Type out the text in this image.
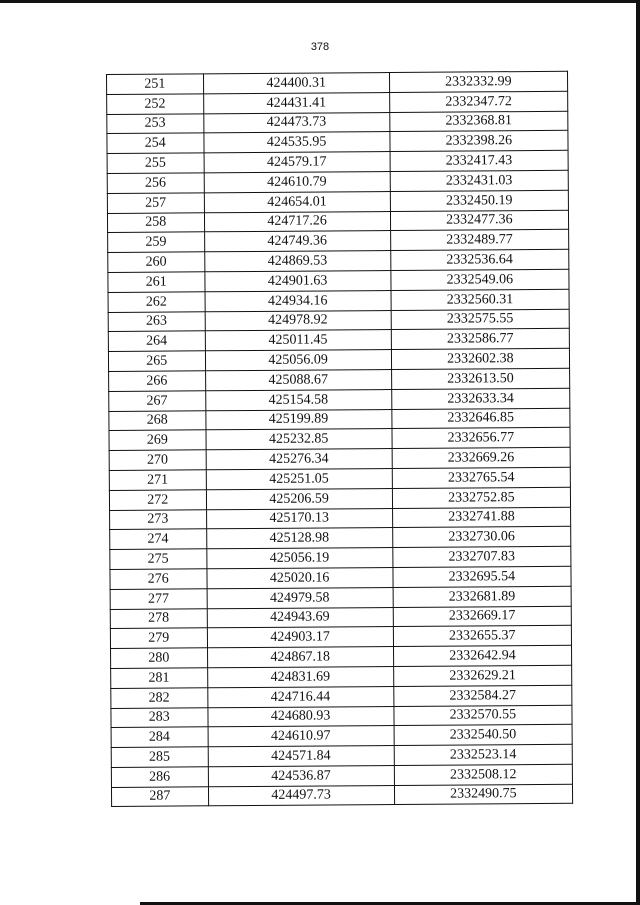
378
251	424400.31	2332332.99
252	424431.41	2332347.72
253	424473.73	2332368.81
254	424535.95	2332398.26
255	424579.17	2332417.43
256	424610.79	2332431.03
257	424654.01	2332450.19
258	424717.26	2332477.36
259	424749.36	2332489.77
260	424869.53	2332536.64
261	424901.63	2332549.06
262	424934.16	2332560.31
263	424978.92	2332575.55
264	425011.45	2332586.77
265	425056.09	2332602.38
266	425088.67	2332613.50
267	425154.58	2332633.34
268	425199.89	2332646.85
269	425232.85	2332656.77
270	425276.34	2332669.26
271	425251.05	2332765.54
272	425206.59	2332752.85
273	425170.13	2332741.88
274	425128.98	2332730.06
275	425056.19	2332707.83
276	425020.16	2332695.54
277	424979.58	2332681.89
278	424943.69	2332669.17
279	424903.17	2332655.37
280	424867.18	2332642.94
281	424831.69	2332629.21
282	424716.44	2332584.27
283	424680.93	2332570.55
284	424610.97	2332540.50
285	424571.84	2332523.14
286	424536.87	2332508.12
287	424497.73	2332490.75
